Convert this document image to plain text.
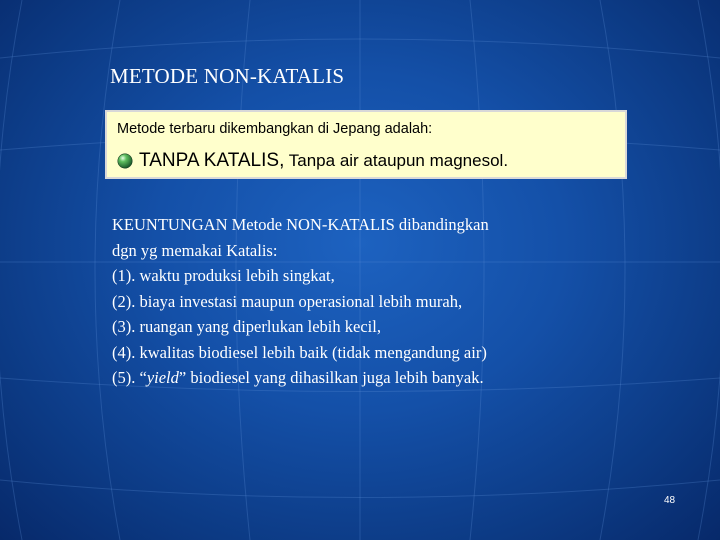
METODE NON-KATALIS
Metode terbaru dikembangkan di Jepang adalah:
TANPA KATALIS, Tanpa air ataupun magnesol.
KEUNTUNGAN Metode NON-KATALIS dibandingkan
dgn yg memakai Katalis:
(1). waktu produksi lebih singkat,
(2). biaya investasi maupun operasional lebih murah,
(3). ruangan yang diperlukan lebih kecil,
(4). kwalitas biodiesel lebih baik (tidak mengandung air)
(5). “yield” biodiesel yang dihasilkan juga lebih banyak.
48
